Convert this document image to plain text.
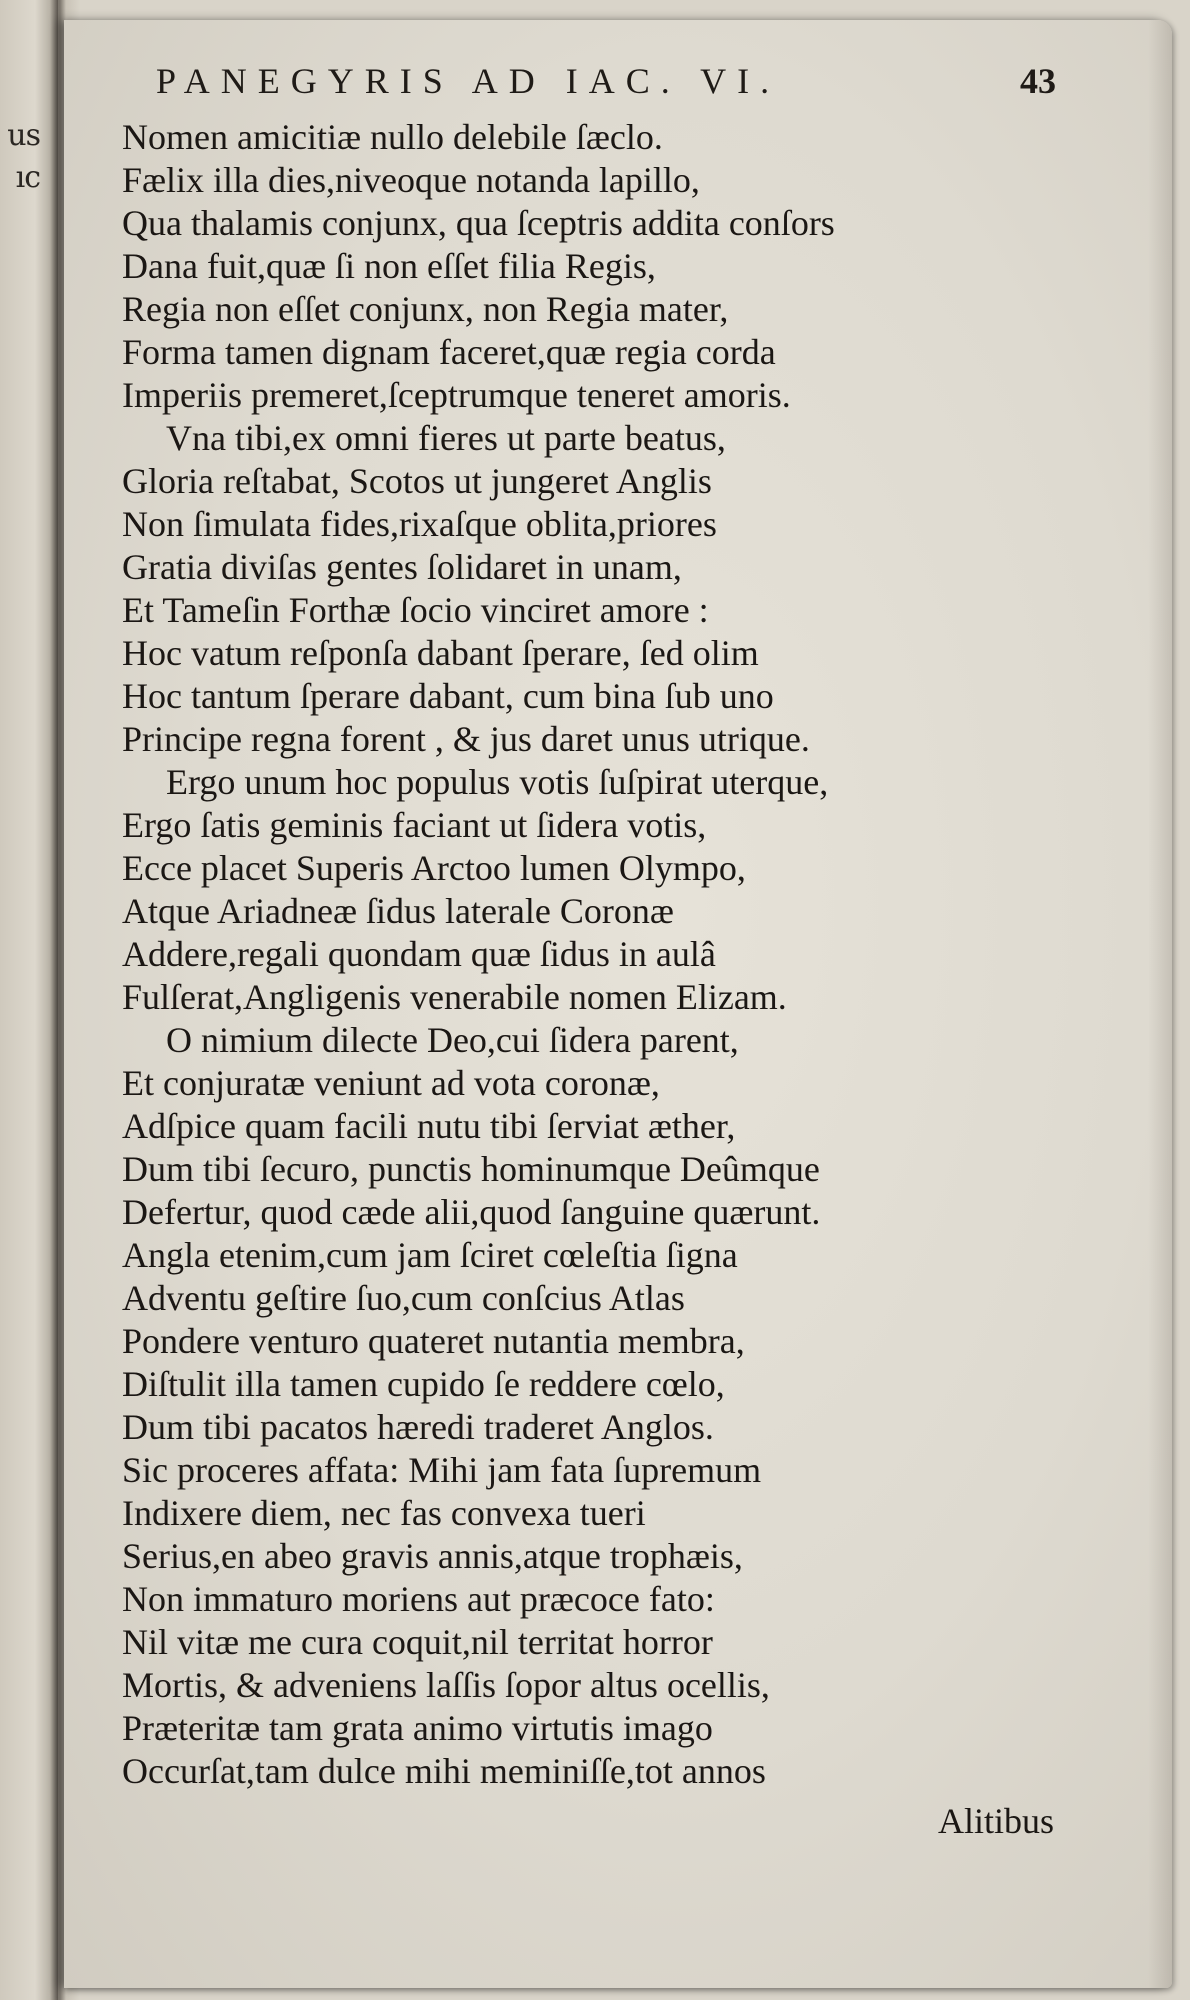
us
ıc
PANEGYRIS AD IAC. VI.	43
Nomen amicitiæ nullo delebile ſæclo.
Fælix illa dies,niveoque notanda lapillo,
Qua thalamis conjunx, qua ſceptris addita conſors
Dana fuit,quæ ſi non eſſet filia Regis,
Regia non eſſet conjunx, non Regia mater,
Forma tamen dignam faceret,quæ regia corda
Imperiis premeret,ſceptrumque teneret amoris.
Vna tibi,ex omni fieres ut parte beatus,
Gloria reſtabat, Scotos ut jungeret Anglis
Non ſimulata fides,rixaſque oblita,priores
Gratia diviſas gentes ſolidaret in unam,
Et Tameſin Forthæ ſocio vinciret amore :
Hoc vatum reſponſa dabant ſperare, ſed olim
Hoc tantum ſperare dabant, cum bina ſub uno
Principe regna forent , & jus daret unus utrique.
Ergo unum hoc populus votis ſuſpirat uterque,
Ergo ſatis geminis faciant ut ſidera votis,
Ecce placet Superis Arctoo lumen Olympo,
Atque Ariadneæ ſidus laterale Coronæ
Addere,regali quondam quæ ſidus in aulâ
Fulſerat,Angligenis venerabile nomen Elizam.
O nimium dilecte Deo,cui ſidera parent,
Et conjuratæ veniunt ad vota coronæ,
Adſpice quam facili nutu tibi ſerviat æther,
Dum tibi ſecuro, punctis hominumque Deûmque
Defertur, quod cæde alii,quod ſanguine quærunt.
Angla etenim,cum jam ſciret cœleſtia ſigna
Adventu geſtire ſuo,cum conſcius Atlas
Pondere venturo quateret nutantia membra,
Diſtulit illa tamen cupido ſe reddere cœlo,
Dum tibi pacatos hæredi traderet Anglos.
Sic proceres affata: Mihi jam fata ſupremum
Indixere diem, nec fas convexa tueri
Serius,en abeo gravis annis,atque trophæis,
Non immaturo moriens aut præcoce fato:
Nil vitæ me cura coquit,nil territat horror
Mortis, & adveniens laſſis ſopor altus ocellis,
Præteritæ tam grata animo virtutis imago
Occurſat,tam dulce mihi meminiſſe,tot annos
Alitibus
